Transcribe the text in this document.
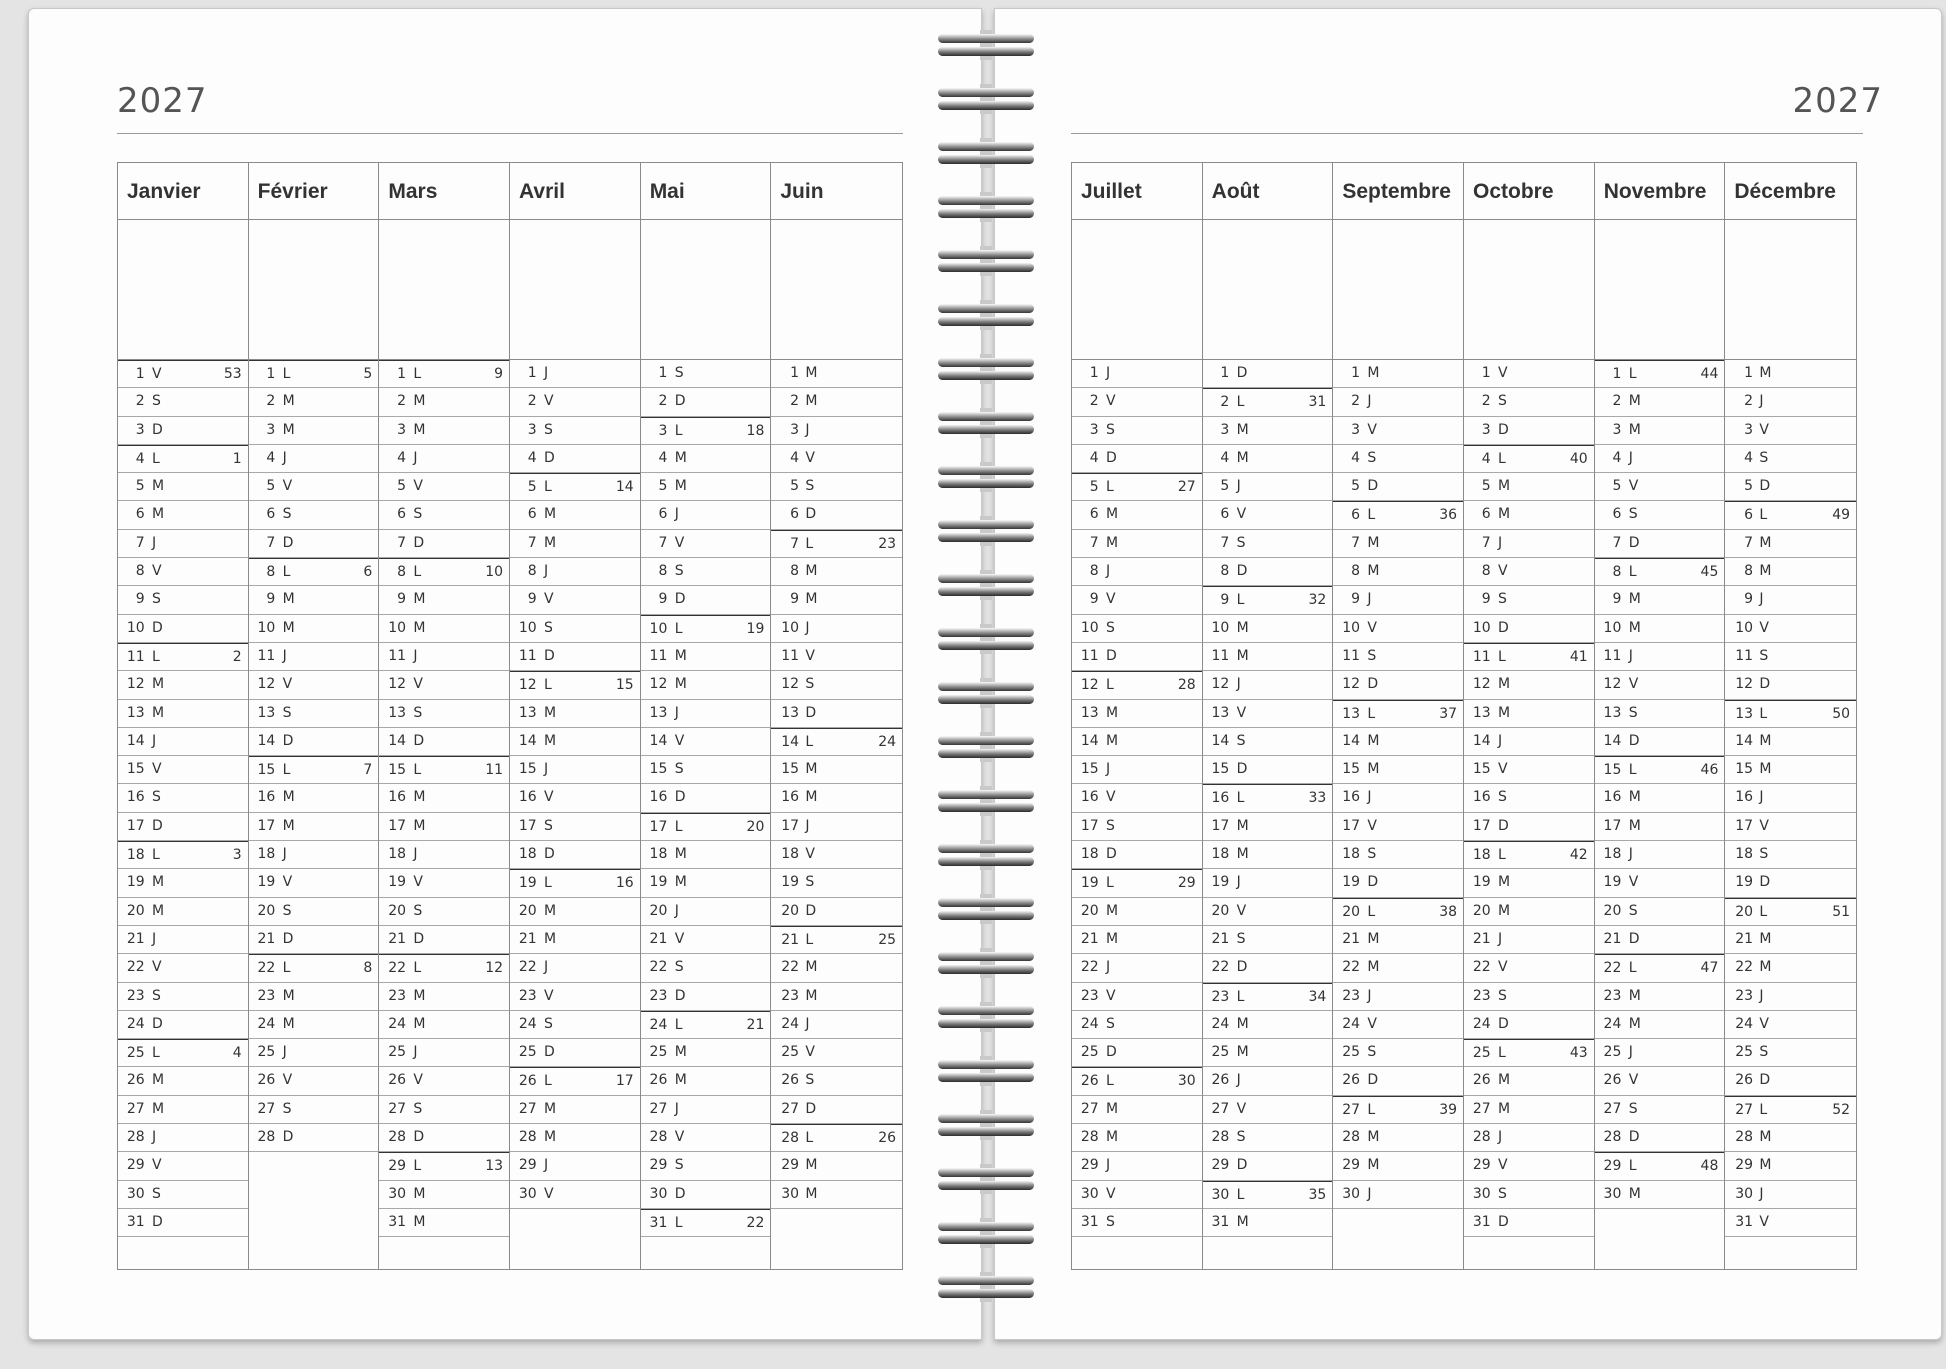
2027
Janvier
1 V	53
2 S
3 D
4 L	1
5 M
6 M
7 J
8 V
9 S
10 D
11 L	2
12 M
13 M
14 J
15 V
16 S
17 D
18 L	3
19 M
20 M
21 J
22 V
23 S
24 D
25 L	4
26 M
27 M
28 J
29 V
30 S
31 D
Février
1 L	5
2 M
3 M
4 J
5 V
6 S
7 D
8 L	6
9 M
10 M
11 J
12 V
13 S
14 D
15 L	7
16 M
17 M
18 J
19 V
20 S
21 D
22 L	8
23 M
24 M
25 J
26 V
27 S
28 D
Mars
1 L	9
2 M
3 M
4 J
5 V
6 S
7 D
8 L	10
9 M
10 M
11 J
12 V
13 S
14 D
15 L	11
16 M
17 M
18 J
19 V
20 S
21 D
22 L	12
23 M
24 M
25 J
26 V
27 S
28 D
29 L	13
30 M
31 M
Avril
1 J
2 V
3 S
4 D
5 L	14
6 M
7 M
8 J
9 V
10 S
11 D
12 L	15
13 M
14 M
15 J
16 V
17 S
18 D
19 L	16
20 M
21 M
22 J
23 V
24 S
25 D
26 L	17
27 M
28 M
29 J
30 V
Mai
1 S
2 D
3 L	18
4 M
5 M
6 J
7 V
8 S
9 D
10 L	19
11 M
12 M
13 J
14 V
15 S
16 D
17 L	20
18 M
19 M
20 J
21 V
22 S
23 D
24 L	21
25 M
26 M
27 J
28 V
29 S
30 D
31 L	22
Juin
1 M
2 M
3 J
4 V
5 S
6 D
7 L	23
8 M
9 M
10 J
11 V
12 S
13 D
14 L	24
15 M
16 M
17 J
18 V
19 S
20 D
21 L	25
22 M
23 M
24 J
25 V
26 S
27 D
28 L	26
29 M
30 M
2027
Juillet
1 J
2 V
3 S
4 D
5 L	27
6 M
7 M
8 J
9 V
10 S
11 D
12 L	28
13 M
14 M
15 J
16 V
17 S
18 D
19 L	29
20 M
21 M
22 J
23 V
24 S
25 D
26 L	30
27 M
28 M
29 J
30 V
31 S
Août
1 D
2 L	31
3 M
4 M
5 J
6 V
7 S
8 D
9 L	32
10 M
11 M
12 J
13 V
14 S
15 D
16 L	33
17 M
18 M
19 J
20 V
21 S
22 D
23 L	34
24 M
25 M
26 J
27 V
28 S
29 D
30 L	35
31 M
Septembre
1 M
2 J
3 V
4 S
5 D
6 L	36
7 M
8 M
9 J
10 V
11 S
12 D
13 L	37
14 M
15 M
16 J
17 V
18 S
19 D
20 L	38
21 M
22 M
23 J
24 V
25 S
26 D
27 L	39
28 M
29 M
30 J
Octobre
1 V
2 S
3 D
4 L	40
5 M
6 M
7 J
8 V
9 S
10 D
11 L	41
12 M
13 M
14 J
15 V
16 S
17 D
18 L	42
19 M
20 M
21 J
22 V
23 S
24 D
25 L	43
26 M
27 M
28 J
29 V
30 S
31 D
Novembre
1 L	44
2 M
3 M
4 J
5 V
6 S
7 D
8 L	45
9 M
10 M
11 J
12 V
13 S
14 D
15 L	46
16 M
17 M
18 J
19 V
20 S
21 D
22 L	47
23 M
24 M
25 J
26 V
27 S
28 D
29 L	48
30 M
Décembre
1 M
2 J
3 V
4 S
5 D
6 L	49
7 M
8 M
9 J
10 V
11 S
12 D
13 L	50
14 M
15 M
16 J
17 V
18 S
19 D
20 L	51
21 M
22 M
23 J
24 V
25 S
26 D
27 L	52
28 M
29 M
30 J
31 V
